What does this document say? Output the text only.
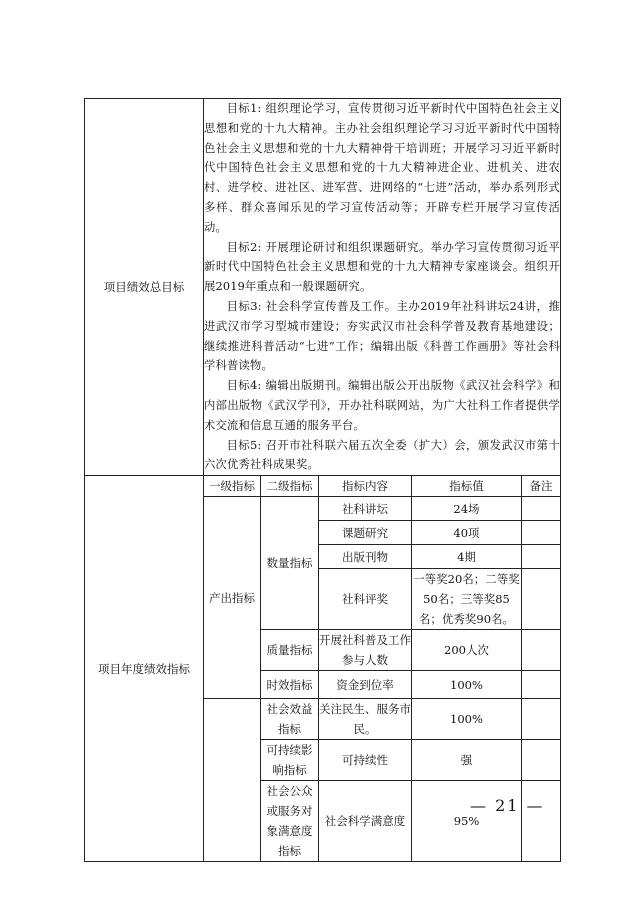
项目绩效总目标	目标1: 组织理论学习，宣传贯彻习近平新时代中国特色社会主义思想和党的十九大精神。主办社会组织理论学习习近平新时代中国特色社会主义思想和党的十九大精神骨干培训班；开展学习习近平新时代中国特色社会主义思想和党的十九大精神进企业、进机关、进农村、进学校、进社区、进军营、进网络的“七进”活动，举办系列形式多样、群众喜闻乐见的学习宣传活动等；开辟专栏开展学习宣传活动。

目标2: 开展理论研讨和组织课题研究。举办学习宣传贯彻习近平新时代中国特色社会主义思想和党的十九大精神专家座谈会。组织开展2019年重点和一般课题研究。

目标3: 社会科学宣传普及工作。主办2019年社科讲坛24讲，推进武汉市学习型城市建设；夯实武汉市社会科学普及教育基地建设；继续推进科普活动“七进”工作；编辑出版《科普工作画册》等社会科学科普读物。

目标4: 编辑出版期刊。编辑出版公开出版物《武汉社会科学》和内部出版物《武汉学刊》，开办社科联网站，为广大社科工作者提供学术交流和信息互通的服务平台。

目标5: 召开市社科联六届五次全委（扩大）会，颁发武汉市第十六次优秀社科成果奖。				

项目年度绩效指标	一级指标	二级指标	指标内容	指标值	备注
	产出指标	数量指标	社科讲坛	24场	
			课题研究	40项	
			出版刊物	4期	
			社科评奖	一等奖20名；二等奖50名；三等奖85名；优秀奖90名。	
		质量指标	开展社科普及工作参与人数	200人次	
		时效指标	资金到位率	100%	
		社会效益指标	关注民生、服务市民。	100%	
		可持续影响指标	可持续性	强	
		社会公众或服务对象满意度指标	社会科学满意度	95%	
— 21 —
